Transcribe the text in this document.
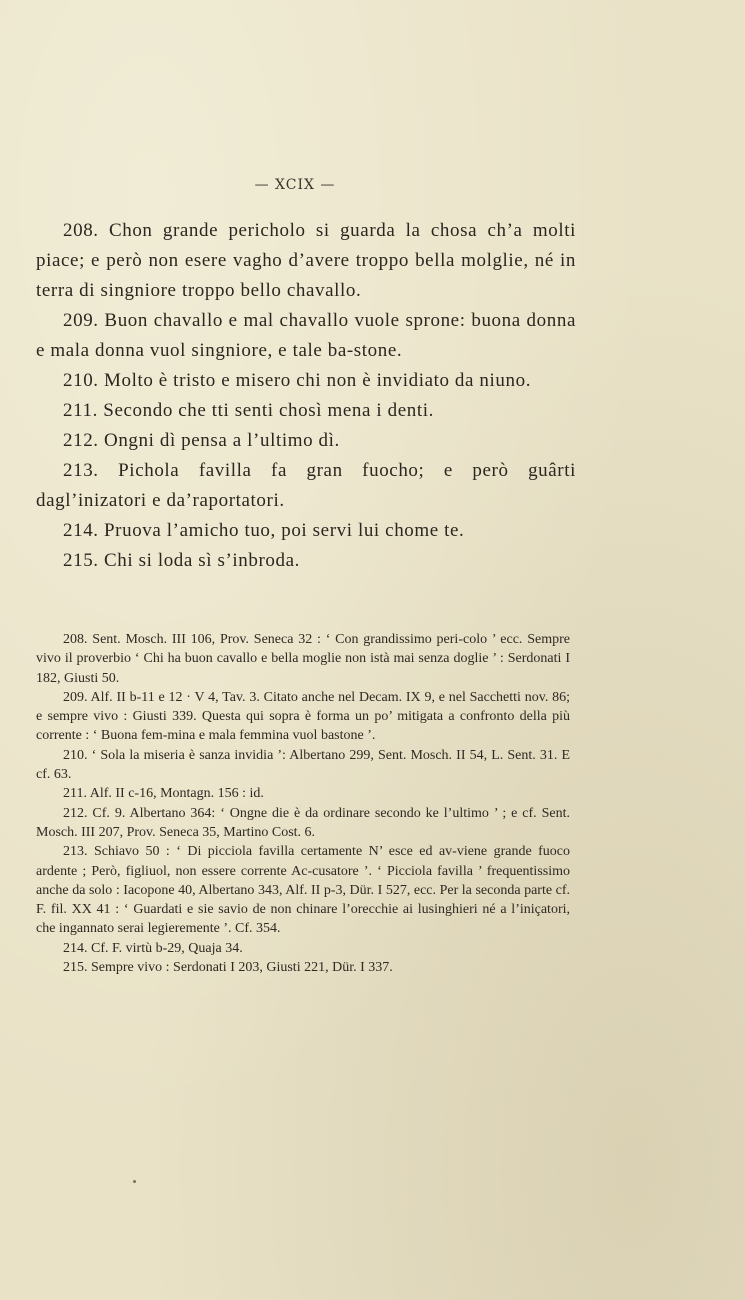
— XCIX —

208. Chon grande pericholo si guarda la chosa ch’a molti piace; e però non esere vagho d’avere troppo bella molglie, né in terra di singniore troppo bello chavallo.

209. Buon chavallo e mal chavallo vuole sprone: buona donna e mala donna vuol singniore, e tale ba-stone.

210. Molto è tristo e misero chi non è invidiato da niuno.

211. Secondo che tti senti chosì mena i denti.

212. Ongni dì pensa a l’ultimo dì.

213. Pichola favilla fa gran fuocho; e però guârti dagl’inizatori e da’raportatori.

214. Pruova l’amicho tuo, poi servi lui chome te.

215. Chi si loda sì s’inbroda.

208. Sent. Mosch. III 106, Prov. Seneca 32 : ‘ Con grandissimo peri-colo ’ ecc. Sempre vivo il proverbio ‘ Chi ha buon cavallo e bella moglie non istà mai senza doglie ’ : Serdonati I 182, Giusti 50.

209. Alf. II b-11 e 12 · V 4, Tav. 3. Citato anche nel Decam. IX 9, e nel Sacchetti nov. 86; e sempre vivo : Giusti 339. Questa qui sopra è forma un po’ mitigata a confronto della più corrente : ‘ Buona fem-mina e mala femmina vuol bastone ’.

210. ‘ Sola la miseria è sanza invidia ’: Albertano 299, Sent. Mosch. II 54, L. Sent. 31. E cf. 63.

211. Alf. II c-16, Montagn. 156 : id.

212. Cf. 9. Albertano 364: ‘ Ongne die è da ordinare secondo ke l’ultimo ’ ; e cf. Sent. Mosch. III 207, Prov. Seneca 35, Martino Cost. 6.

213. Schiavo 50 : ‘ Di picciola favilla certamente N’ esce ed av-viene grande fuoco ardente ; Però, figliuol, non essere corrente Ac-cusatore ’. ‘ Picciola favilla ’ frequentissimo anche da solo : Iacopone 40, Albertano 343, Alf. II p-3, Dür. I 527, ecc. Per la seconda parte cf. F. fil. XX 41 : ‘ Guardati e sie savio de non chinare l’orecchie ai lusinghieri né a l’iniçatori, che ingannato serai legieremente ’. Cf. 354.

214. Cf. F. virtù b-29, Quaja 34.

215. Sempre vivo : Serdonati I 203, Giusti 221, Dür. I 337.
